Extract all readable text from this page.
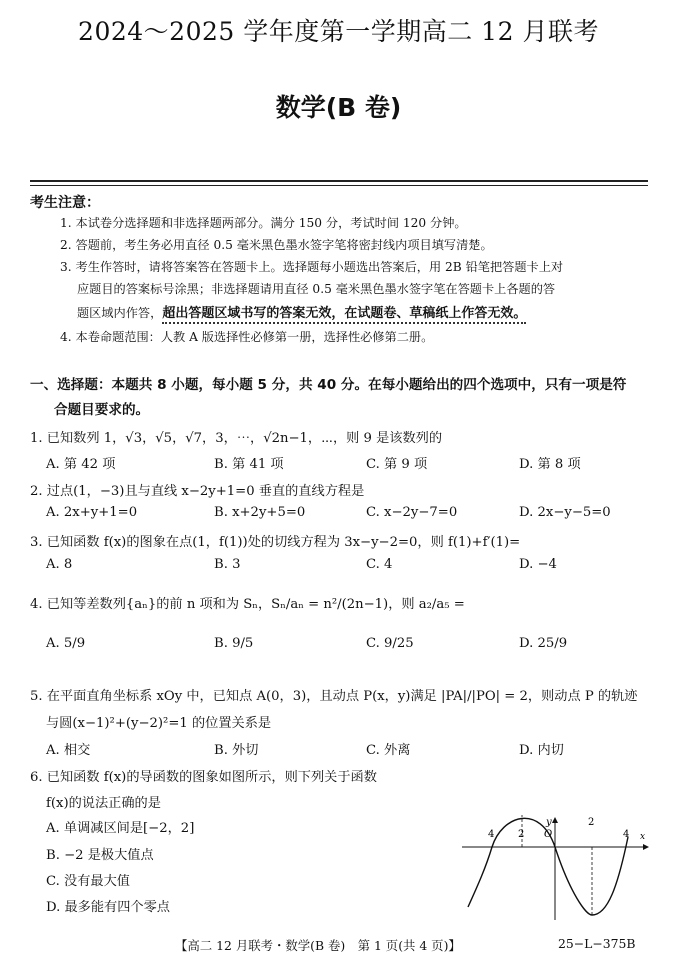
2024～2025 学年度第一学期高二 12 月联考
数学(B 卷)
考生注意：
1. 本试卷分选择题和非选择题两部分。满分 150 分，考试时间 120 分钟。
2. 答题前，考生务必用直径 0.5 毫米黑色墨水签字笔将密封线内项目填写清楚。
3. 考生作答时，请将答案答在答题卡上。选择题每小题选出答案后，用 2B 铅笔把答题卡上对
应题目的答案标号涂黑；非选择题请用直径 0.5 毫米黑色墨水签字笔在答题卡上各题的答
题区域内作答，超出答题区域书写的答案无效，在试题卷、草稿纸上作答无效。
4. 本卷命题范围：人教 A 版选择性必修第一册，选择性必修第二册。
一、选择题：本题共 8 小题，每小题 5 分，共 40 分。在每小题给出的四个选项中，只有一项是符
合题目要求的。
1. 已知数列 1，√3，√5，√7，3，⋯，√2n−1，⋯，则 9 是该数列的
A. 第 42 项	B. 第 41 项	C. 第 9 项	D. 第 8 项
2. 过点(1，−3)且与直线 x−2y+1=0 垂直的直线方程是
A. 2x+y+1=0	B. x+2y+5=0	C. x−2y−7=0	D. 2x−y−5=0
3. 已知函数 f(x)的图象在点(1，f(1))处的切线方程为 3x−y−2=0，则 f(1)+f′(1)=
A. 8	B. 3	C. 4	D. −4
4. 已知等差数列{aₙ}的前 n 项和为 Sₙ，Sₙ/aₙ = n²/(2n−1)，则 a₂/a₅ =
A. 5/9	B. 9/5	C. 9/25	D. 25/9
5. 在平面直角坐标系 xOy 中，已知点 A(0，3)，且动点 P(x，y)满足 |PA|/|PO| = 2，则动点 P 的轨迹
与圆(x−1)²+(y−2)²=1 的位置关系是
A. 相交	B. 外切	C. 外离	D. 内切
6. 已知函数 f(x)的导函数的图象如图所示，则下列关于函数
f(x)的说法正确的是
A. 单调减区间是[−2，2]
B. −2 是极大值点
C. 没有最大值
D. 最多能有四个零点
4 2 O
2
4
y
x
【高二 12 月联考・数学(B 卷)　第 1 页(共 4 页)】	25−L−375B
